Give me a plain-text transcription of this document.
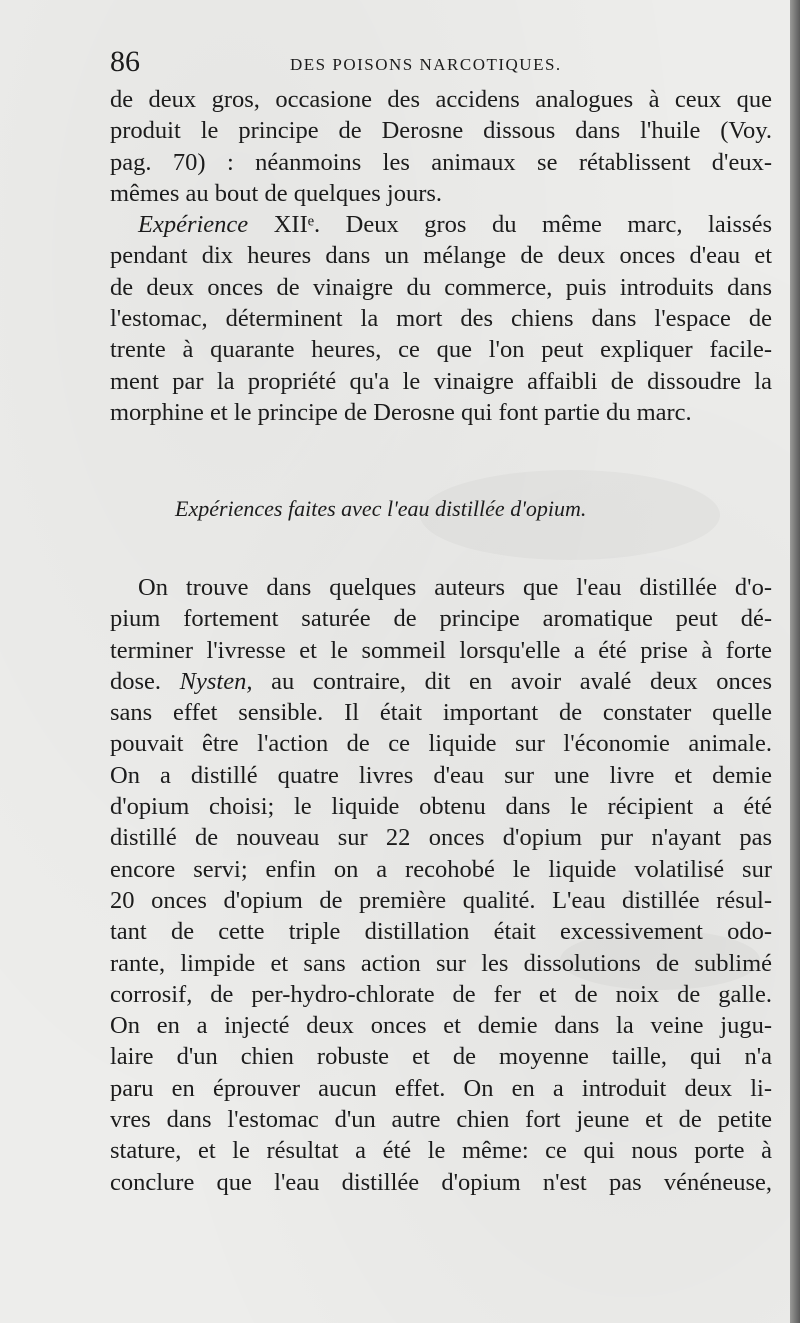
86	DES POISONS NARCOTIQUES.
de deux gros, occasione des accidens analogues à ceux que
produit le principe de Derosne dissous dans l'huile (Voy.
pag. 70) : néanmoins les animaux se rétablissent d'eux-
mêmes au bout de quelques jours.
Expérience XIIᵉ. Deux gros du même marc, laissés
pendant dix heures dans un mélange de deux onces d'eau et
de deux onces de vinaigre du commerce, puis introduits dans
l'estomac, déterminent la mort des chiens dans l'espace de
trente à quarante heures, ce que l'on peut expliquer facile-
ment par la propriété qu'a le vinaigre affaibli de dissoudre la
morphine et le principe de Derosne qui font partie du marc.
Expériences faites avec l'eau distillée d'opium.
On trouve dans quelques auteurs que l'eau distillée d'o-
pium fortement saturée de principe aromatique peut dé-
terminer l'ivresse et le sommeil lorsqu'elle a été prise à forte
dose. Nysten, au contraire, dit en avoir avalé deux onces
sans effet sensible. Il était important de constater quelle
pouvait être l'action de ce liquide sur l'économie animale.
On a distillé quatre livres d'eau sur une livre et demie
d'opium choisi; le liquide obtenu dans le récipient a été
distillé de nouveau sur 22 onces d'opium pur n'ayant pas
encore servi; enfin on a recohobé le liquide volatilisé sur
20 onces d'opium de première qualité. L'eau distillée résul-
tant de cette triple distillation était excessivement odo-
rante, limpide et sans action sur les dissolutions de sublimé
corrosif, de per-hydro-chlorate de fer et de noix de galle.
On en a injecté deux onces et demie dans la veine jugu-
laire d'un chien robuste et de moyenne taille, qui n'a
paru en éprouver aucun effet. On en a introduit deux li-
vres dans l'estomac d'un autre chien fort jeune et de petite
stature, et le résultat a été le même: ce qui nous porte à
conclure que l'eau distillée d'opium n'est pas vénéneuse,
